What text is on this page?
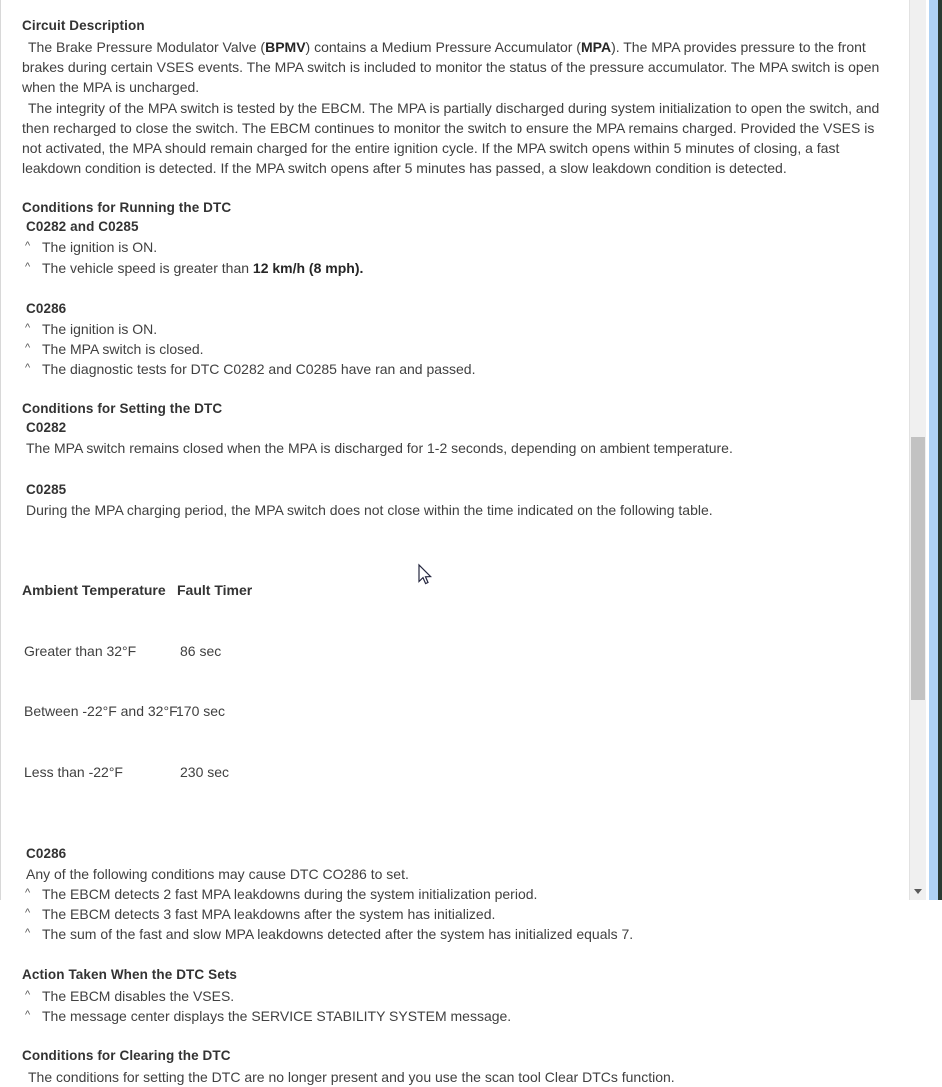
Circuit Description

The Brake Pressure Modulator Valve (BPMV) contains a Medium Pressure Accumulator (MPA). The MPA provides pressure to the front brakes during certain VSES events. The MPA switch is included to monitor the status of the pressure accumulator. The MPA switch is open when the MPA is uncharged.

The integrity of the MPA switch is tested by the EBCM. The MPA is partially discharged during system initialization to open the switch, and then recharged to close the switch. The EBCM continues to monitor the switch to ensure the MPA remains charged. Provided the VSES is not activated, the MPA should remain charged for the entire ignition cycle. If the MPA switch opens within 5 minutes of closing, a fast leakdown condition is detected. If the MPA switch opens after 5 minutes has passed, a slow leakdown condition is detected.

Conditions for Running the DTC
C0282 and C0285
^ The ignition is ON.
^ The vehicle speed is greater than 12 km/h (8 mph).
C0286
^ The ignition is ON.
^ The MPA switch is closed.
^ The diagnostic tests for DTC C0282 and C0285 have ran and passed.
Conditions for Setting the DTC
C0282

The MPA switch remains closed when the MPA is discharged for 1-2 seconds, depending on ambient temperature.

C0285

During the MPA charging period, the MPA switch does not close within the time indicated on the following table.

Ambient Temperature Fault Timer

Greater than 32°F	86 sec

Between -22°F and 32°F170 sec

Less than -22°F	230 sec

C0286

Any of the following conditions may cause DTC CO286 to set.

^ The EBCM detects 2 fast MPA leakdowns during the system initialization period.
^ The EBCM detects 3 fast MPA leakdowns after the system has initialized.
^ The sum of the fast and slow MPA leakdowns detected after the system has initialized equals 7.
Action Taken When the DTC Sets
^ The EBCM disables the VSES.
^ The message center displays the SERVICE STABILITY SYSTEM message.
Conditions for Clearing the DTC

The conditions for setting the DTC are no longer present and you use the scan tool Clear DTCs function.
